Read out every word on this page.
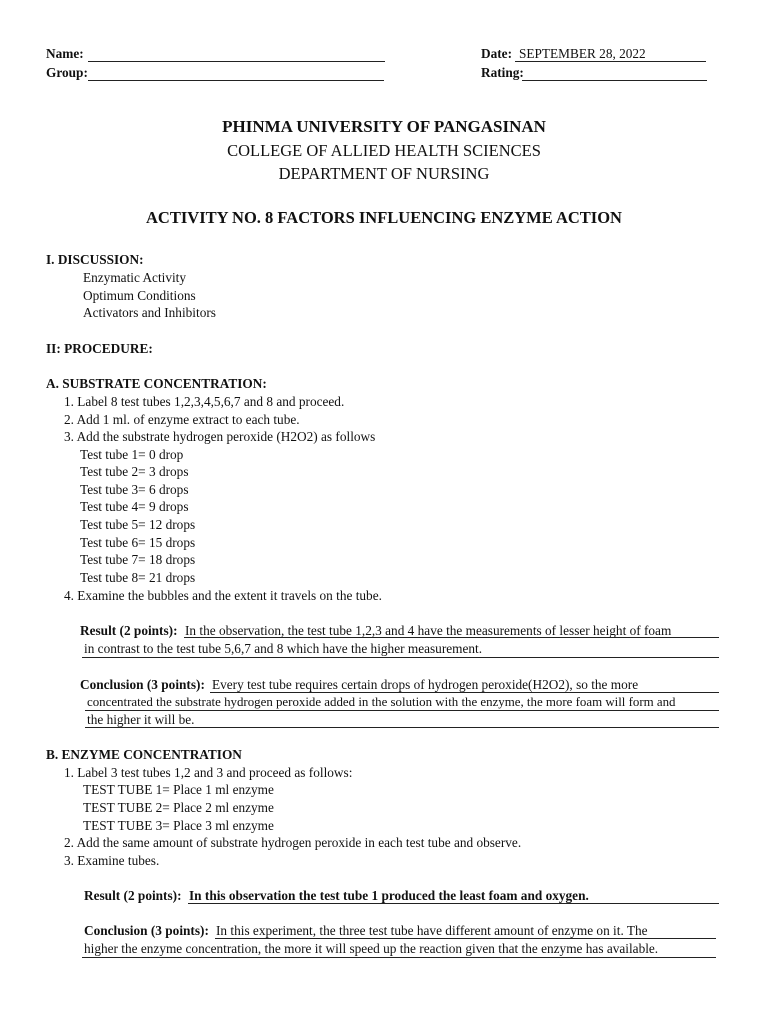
Name:
Group:
Date: SEPTEMBER 28, 2022
Rating:
PHINMA UNIVERSITY OF PANGASINAN
COLLEGE OF ALLIED HEALTH SCIENCES
DEPARTMENT OF NURSING
ACTIVITY NO. 8 FACTORS INFLUENCING ENZYME ACTION
I. DISCUSSION:
Enzymatic Activity
Optimum Conditions
Activators and Inhibitors
II: PROCEDURE:
A. SUBSTRATE CONCENTRATION:
1. Label 8 test tubes 1,2,3,4,5,6,7 and 8 and proceed.
2. Add 1 ml. of enzyme extract to each tube.
3. Add the substrate hydrogen peroxide (H2O2) as follows
Test tube 1= 0 drop
Test tube 2= 3 drops
Test tube 3= 6 drops
Test tube 4= 9 drops
Test tube 5= 12 drops
Test tube 6= 15 drops
Test tube 7= 18 drops
Test tube 8= 21 drops
4. Examine the bubbles and the extent it travels on the tube.
Result (2 points): In the observation, the test tube 1,2,3 and 4 have the measurements of lesser height of foam
in contrast to the test tube 5,6,7 and 8 which have the higher measurement.
Conclusion (3 points): Every test tube requires certain drops of hydrogen peroxide(H2O2), so the more
concentrated the substrate hydrogen peroxide added in the solution with the enzyme, the more foam will form and
the higher it will be.
B. ENZYME CONCENTRATION
1. Label 3 test tubes 1,2 and 3 and proceed as follows:
TEST TUBE 1= Place 1 ml enzyme
TEST TUBE 2= Place 2 ml enzyme
TEST TUBE 3= Place 3 ml enzyme
2. Add the same amount of substrate hydrogen peroxide in each test tube and observe.
3. Examine tubes.
Result (2 points): In this observation the test tube 1 produced the least foam and oxygen.
Conclusion (3 points): In this experiment, the three test tube have different amount of enzyme on it. The
higher the enzyme concentration, the more it will speed up the reaction given that the enzyme has available.
